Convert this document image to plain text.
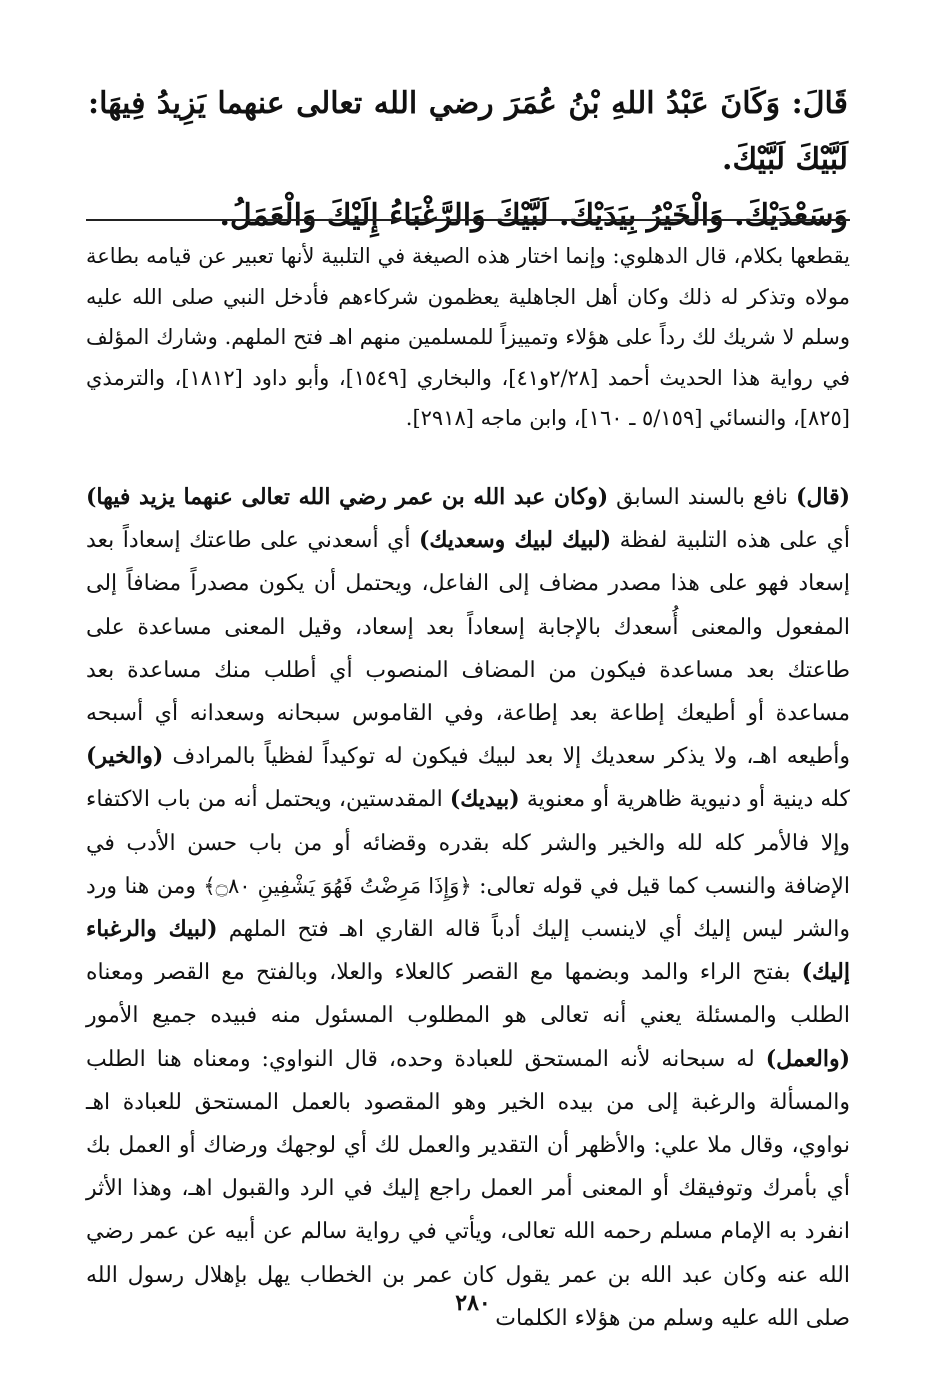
قَالَ: وَكَانَ عَبْدُ اللهِ بْنُ عُمَرَ رضي الله تعالى عنهما يَزِيدُ فِيهَا: لَبَّيْكَ لَبَّيْكَ.
وَسَعْدَيْكَ. وَالْخَيْرُ بِيَدَيْكَ. لَبَّيْكَ وَالرَّغْبَاءُ إِلَيْكَ وَالْعَمَلُ.

يقطعها بكلام، قال الدهلوي: وإنما اختار هذه الصيغة في التلبية لأنها تعبير عن قيامه بطاعة مولاه وتذكر له ذلك وكان أهل الجاهلية يعظمون شركاءهم فأدخل النبي صلى الله عليه وسلم لا شريك لك رداً على هؤلاء وتمييزاً للمسلمين منهم اهـ فتح الملهم. وشارك المؤلف في رواية هذا الحديث أحمد [٢/٢٨و٤١]، والبخاري [١٥٤٩]، وأبو داود [١٨١٢]، والترمذي [٨٢٥]، والنسائي [٥/١٥٩ ـ ١٦٠]، وابن ماجه [٢٩١٨].

(قال) نافع بالسند السابق (وكان عبد الله بن عمر رضي الله تعالى عنهما يزيد فيها) أي على هذه التلبية لفظة (لبيك لبيك وسعديك) أي أسعدني على طاعتك إسعاداً بعد إسعاد فهو على هذا مصدر مضاف إلى الفاعل، ويحتمل أن يكون مصدراً مضافاً إلى المفعول والمعنى أُسعدك بالإجابة إسعاداً بعد إسعاد، وقيل المعنى مساعدة على طاعتك بعد مساعدة فيكون من المضاف المنصوب أي أطلب منك مساعدة بعد مساعدة أو أطيعك إطاعة بعد إطاعة، وفي القاموس سبحانه وسعدانه أي أسبحه وأطيعه اهـ، ولا يذكر سعديك إلا بعد لبيك فيكون له توكيداً لفظياً بالمرادف (والخير) كله دينية أو دنيوية ظاهرية أو معنوية (بيديك) المقدستين، ويحتمل أنه من باب الاكتفاء وإلا فالأمر كله لله والخير والشر كله بقدره وقضائه أو من باب حسن الأدب في الإضافة والنسب كما قيل في قوله تعالى: ﴿وَإِذَا مَرِضْتُ فَهُوَ يَشْفِينِ ۝٨٠﴾ ومن هنا ورد والشر ليس إليك أي لاينسب إليك أدباً قاله القاري اهـ فتح الملهم (لبيك والرغباء إليك) بفتح الراء والمد وبضمها مع القصر كالعلاء والعلا، وبالفتح مع القصر ومعناه الطلب والمسئلة يعني أنه تعالى هو المطلوب المسئول منه فبيده جميع الأمور (والعمل) له سبحانه لأنه المستحق للعبادة وحده، قال النواوي: ومعناه هنا الطلب والمسألة والرغبة إلى من بيده الخير وهو المقصود بالعمل المستحق للعبادة اهـ نواوي، وقال ملا علي: والأظهر أن التقدير والعمل لك أي لوجهك ورضاك أو العمل بك أي بأمرك وتوفيقك أو المعنى أمر العمل راجع إليك في الرد والقبول اهـ، وهذا الأثر انفرد به الإمام مسلم رحمه الله تعالى، ويأتي في رواية سالم عن أبيه عن عمر رضي الله عنه وكان عبد الله بن عمر يقول كان عمر بن الخطاب يهل بإهلال رسول الله صلى الله عليه وسلم من هؤلاء الكلمات

٢٨٠
